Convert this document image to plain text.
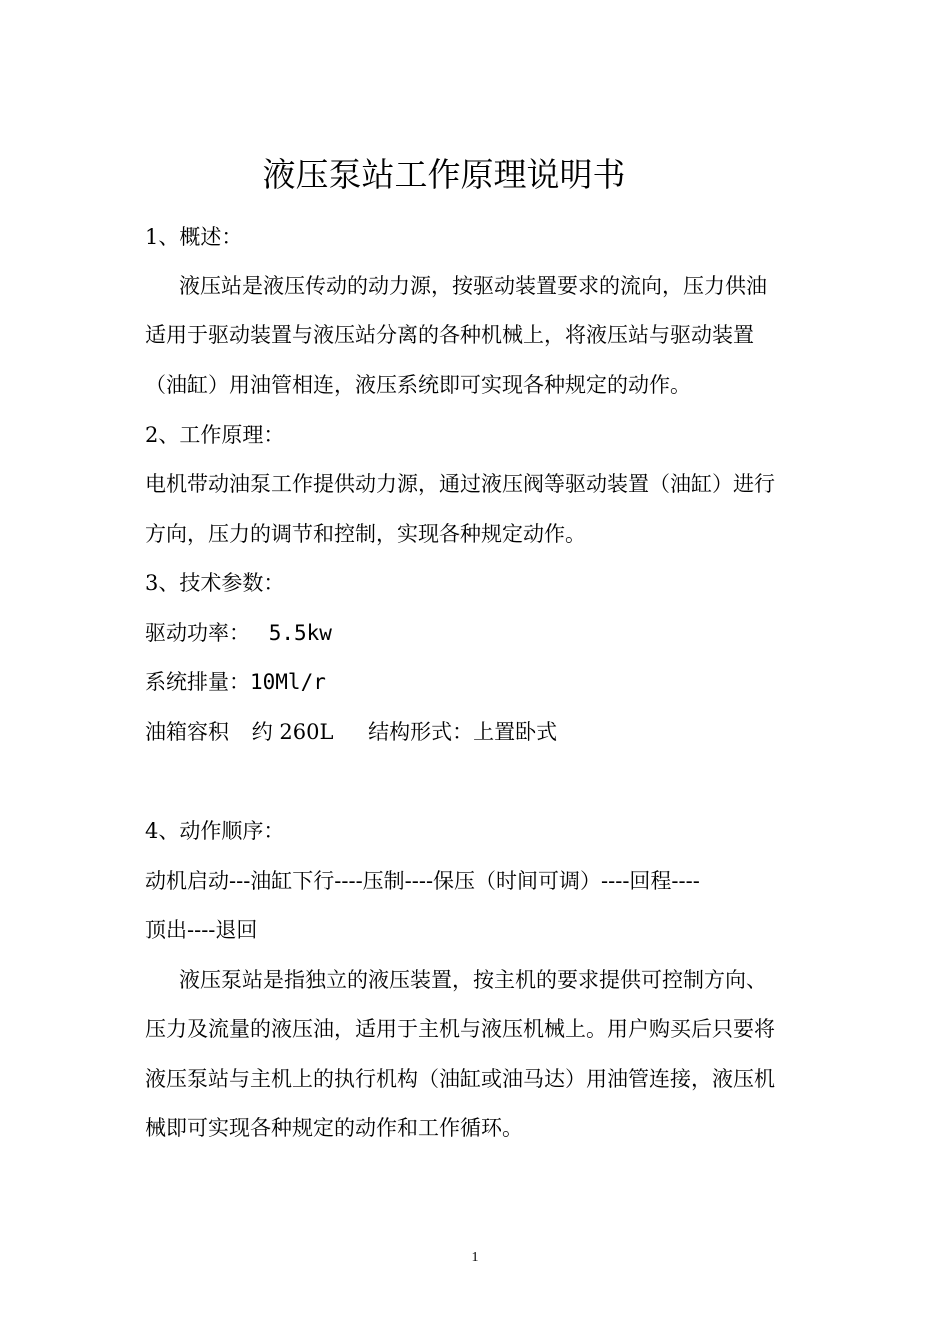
液压泵站工作原理说明书
1、概述：
液压站是液压传动的动力源，按驱动装置要求的流向，压力供油
适用于驱动装置与液压站分离的各种机械上，将液压站与驱动装置
（油缸）用油管相连，液压系统即可实现各种规定的动作。
2、工作原理：
电机带动油泵工作提供动力源，通过液压阀等驱动装置（油缸）进行
方向，压力的调节和控制，实现各种规定动作。
3、技术参数：
驱动功率： 5.5kw
系统排量：10Ml/r
油箱容积 约 260L 结构形式：上置卧式
4、动作顺序：
动机启动---油缸下行----压制----保压（时间可调）----回程----
顶出----退回
液压泵站是指独立的液压装置，按主机的要求提供可控制方向、
压力及流量的液压油，适用于主机与液压机械上。用户购买后只要将
液压泵站与主机上的执行机构（油缸或油马达）用油管连接，液压机
械即可实现各种规定的动作和工作循环。
1
